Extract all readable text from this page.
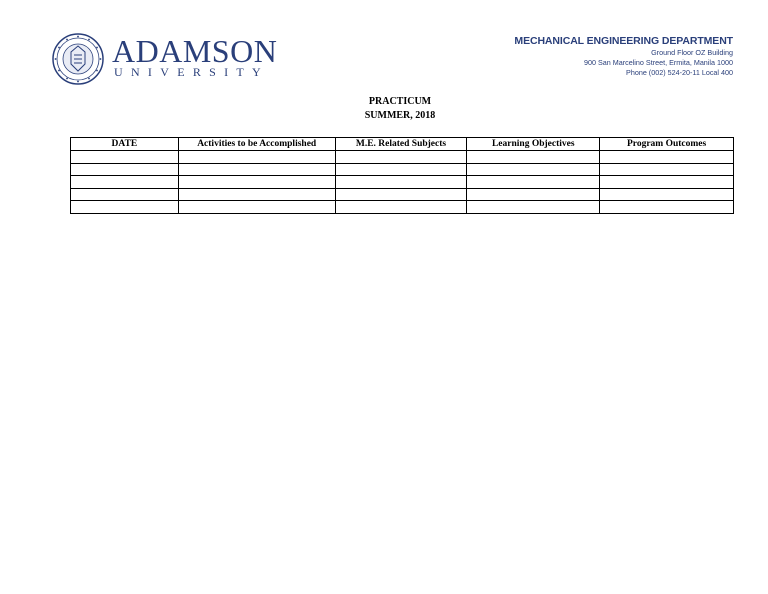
ADAMSON
UNIVERSITY
MECHANICAL ENGINEERING DEPARTMENT
Ground Floor OZ Building
900 San Marcelino Street, Ermita, Manila 1000
Phone (002) 524-20-11 Local 400
PRACTICUM
SUMMER, 2018
DATE	Activities to be Accomplished	M.E. Related Subjects	Learning Objectives	Program Outcomes
